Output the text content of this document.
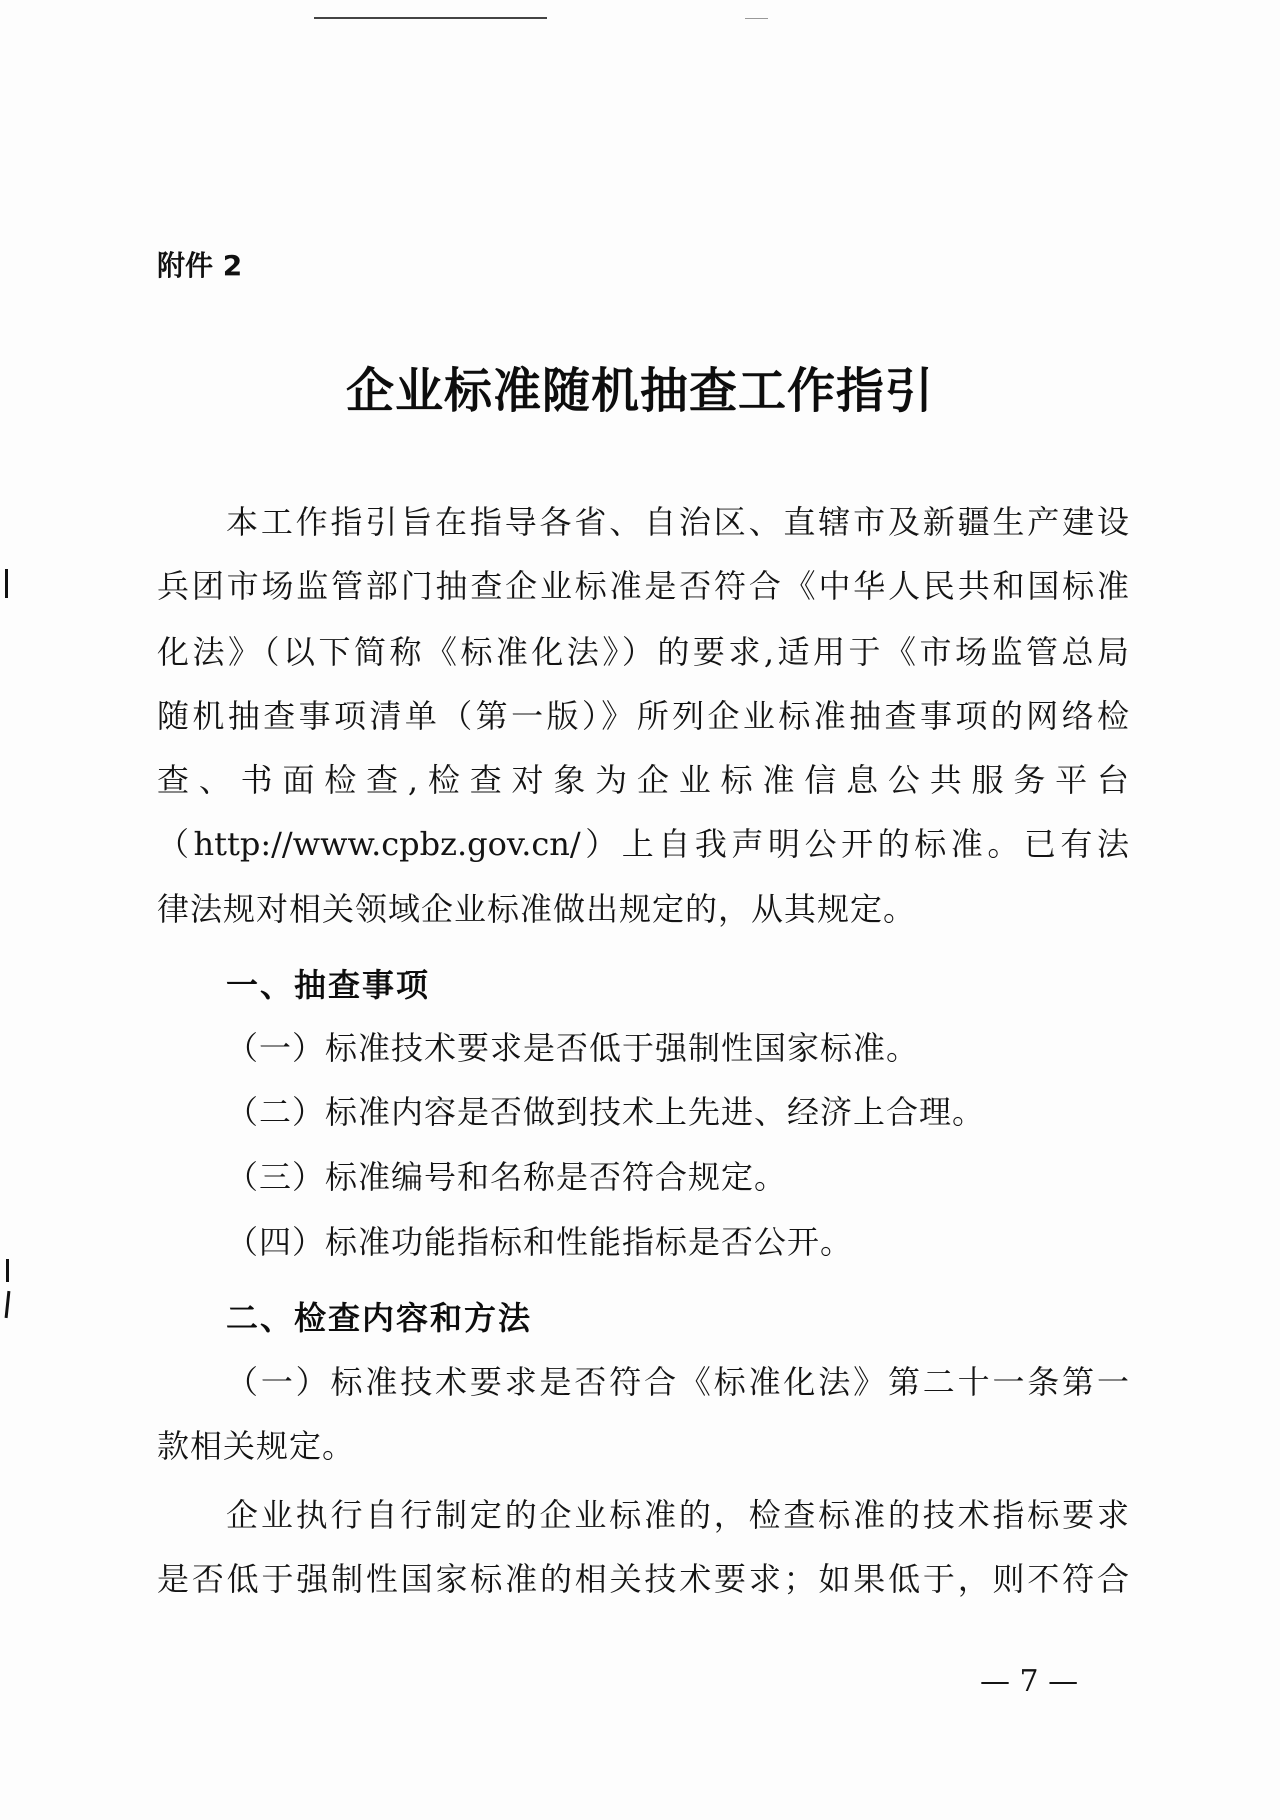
附件 2
企业标准随机抽查工作指引
本工作指引旨在指导各省、自治区、直辖市及新疆生产建设
兵团市场监管部门抽查企业标准是否符合《中华人民共和国标准
化法》（以下简称《标准化法》）的要求,适用于《市场监管总局
随机抽查事项清单（第一版）》所列企业标准抽查事项的网络检
查、书面检查,检查对象为企业标准信息公共服务平台
（http://www.cpbz.gov.cn/）上自我声明公开的标准。已有法
律法规对相关领域企业标准做出规定的，从其规定。
一、抽查事项
（一）标准技术要求是否低于强制性国家标准。
（二）标准内容是否做到技术上先进、经济上合理。
（三）标准编号和名称是否符合规定。
（四）标准功能指标和性能指标是否公开。
二、检查内容和方法
（一）标准技术要求是否符合《标准化法》第二十一条第一
款相关规定。
企业执行自行制定的企业标准的，检查标准的技术指标要求
是否低于强制性国家标准的相关技术要求；如果低于，则不符合
— 7 —
